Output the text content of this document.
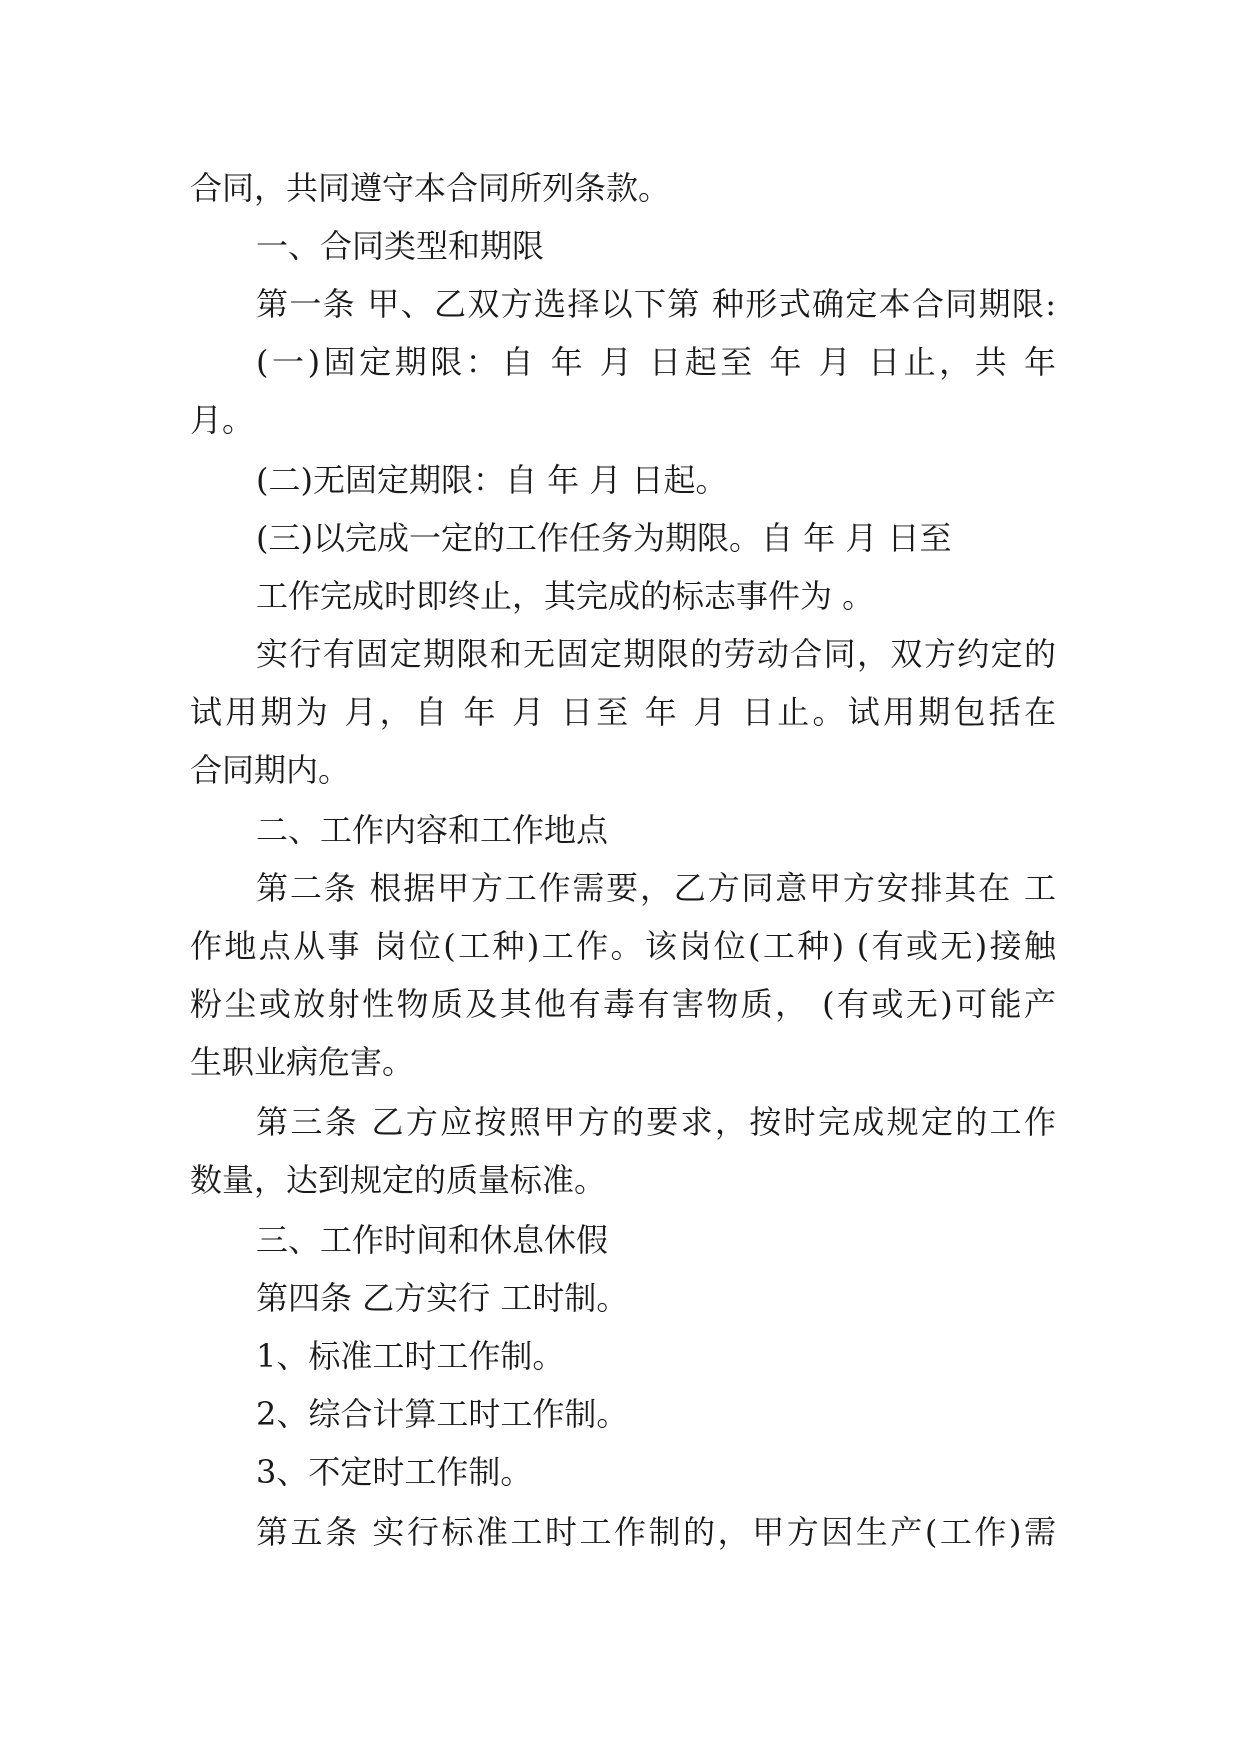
合同，共同遵守本合同所列条款。
一、合同类型和期限
第一条 甲、乙双方选择以下第 种形式确定本合同期限:
(一)固定期限：自 年 月 日起至 年 月 日止，共 年
月。
(二)无固定期限：自 年 月 日起。
(三)以完成一定的工作任务为期限。自 年 月 日至
工作完成时即终止，其完成的标志事件为 。
实行有固定期限和无固定期限的劳动合同，双方约定的
试用期为 月，自 年 月 日至 年 月 日止。试用期包括在
合同期内。
二、工作内容和工作地点
第二条 根据甲方工作需要，乙方同意甲方安排其在 工
作地点从事 岗位(工种)工作。该岗位(工种) (有或无)接触
粉尘或放射性物质及其他有毒有害物质， (有或无)可能产
生职业病危害。
第三条 乙方应按照甲方的要求，按时完成规定的工作
数量，达到规定的质量标准。
三、工作时间和休息休假
第四条 乙方实行 工时制。
1、标准工时工作制。
2、综合计算工时工作制。
3、不定时工作制。
第五条 实行标准工时工作制的，甲方因生产(工作)需
